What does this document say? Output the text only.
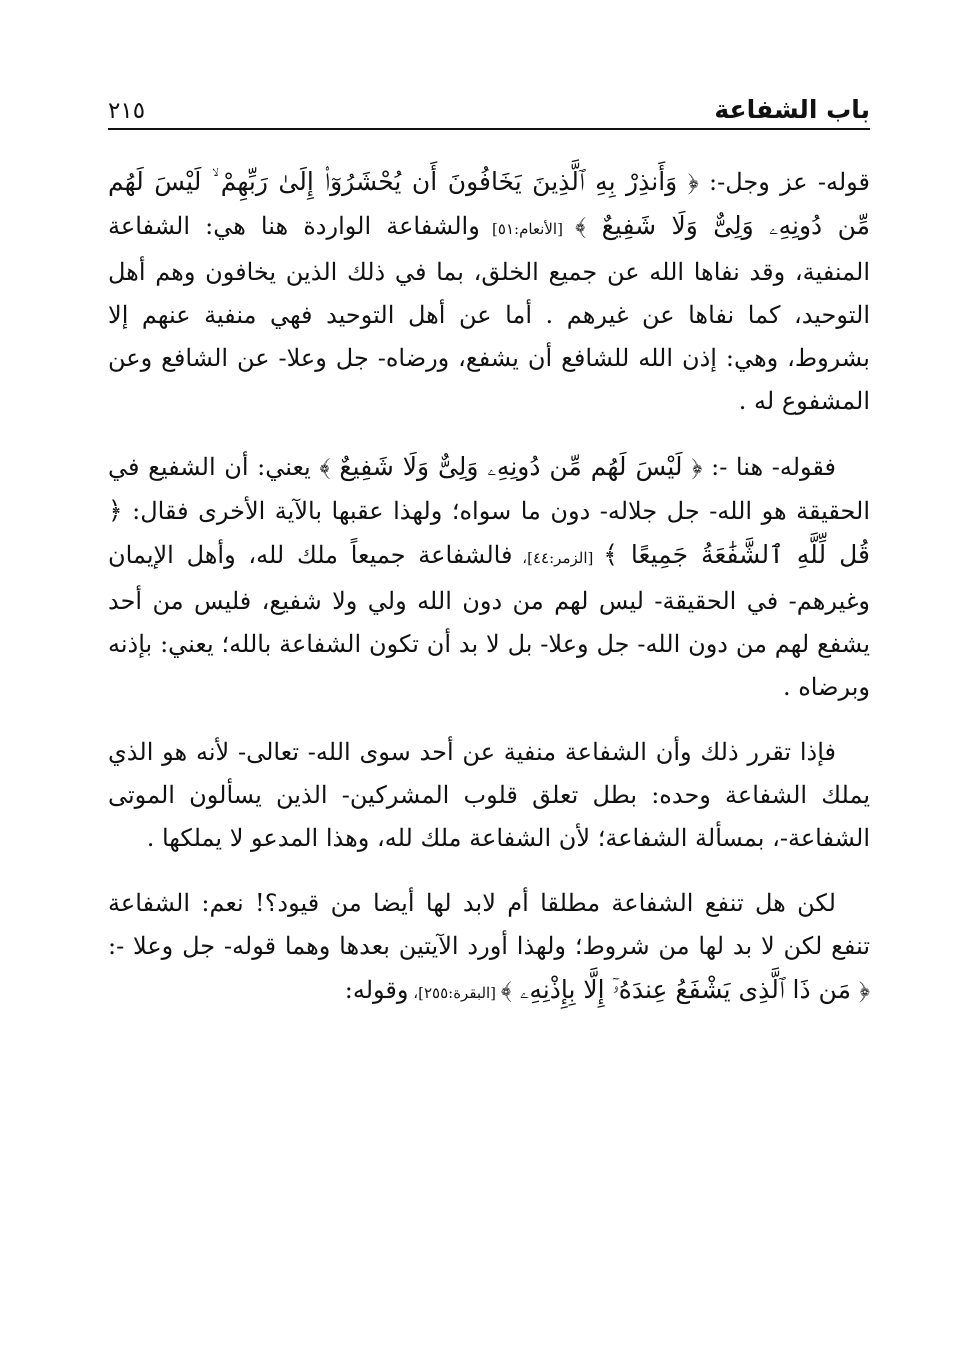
باب الشفاعة
٢١٥

قوله- عز وجل-: ﴿ وَأَنذِرْ بِهِ ٱلَّذِينَ يَخَافُونَ أَن يُحْشَرُوٓا۟ إِلَىٰ رَبِّهِمْ ۙ لَيْسَ لَهُم مِّن دُونِهِۦ وَلِىٌّ وَلَا شَفِيعٌ ﴾ [الأنعام:٥١] والشفاعة الواردة هنا هي: الشفاعة المنفية، وقد نفاها الله عن جميع الخلق، بما في ذلك الذين يخافون وهم أهل التوحيد، كما نفاها عن غيرهم . أما عن أهل التوحيد فهي منفية عنهم إلا بشروط، وهي: إذن الله للشافع أن يشفع، ورضاه- جل وعلا- عن الشافع وعن المشفوع له .

فقوله- هنا -: ﴿ لَيْسَ لَهُم مِّن دُونِهِۦ وَلِىٌّ وَلَا شَفِيعٌ ﴾ يعني: أن الشفيع في الحقيقة هو الله- جل جلاله- دون ما سواه؛ ولهذا عقبها بالآية الأخرى فقال: ﴿ قُل لِّلَّهِ ٱلشَّفَٰعَةُ جَمِيعًا ﴾ [الزمر:٤٤]، فالشفاعة جميعاً ملك لله، وأهل الإيمان وغيرهم- في الحقيقة- ليس لهم من دون الله ولي ولا شفيع، فليس من أحد يشفع لهم من دون الله- جل وعلا- بل لا بد أن تكون الشفاعة بالله؛ يعني: بإذنه وبرضاه .

فإذا تقرر ذلك وأن الشفاعة منفية عن أحد سوى الله- تعالى- لأنه هو الذي يملك الشفاعة وحده: بطل تعلق قلوب المشركين- الذين يسألون الموتى الشفاعة-، بمسألة الشفاعة؛ لأن الشفاعة ملك لله، وهذا المدعو لا يملكها .

لكن هل تنفع الشفاعة مطلقا أم لابد لها أيضا من قيود؟! نعم: الشفاعة تنفع لكن لا بد لها من شروط؛ ولهذا أورد الآيتين بعدها وهما قوله- جل وعلا -: ﴿ مَن ذَا ٱلَّذِى يَشْفَعُ عِندَهُۥٓ إِلَّا بِإِذْنِهِۦ ﴾ [البقرة:٢٥٥]، وقوله:
